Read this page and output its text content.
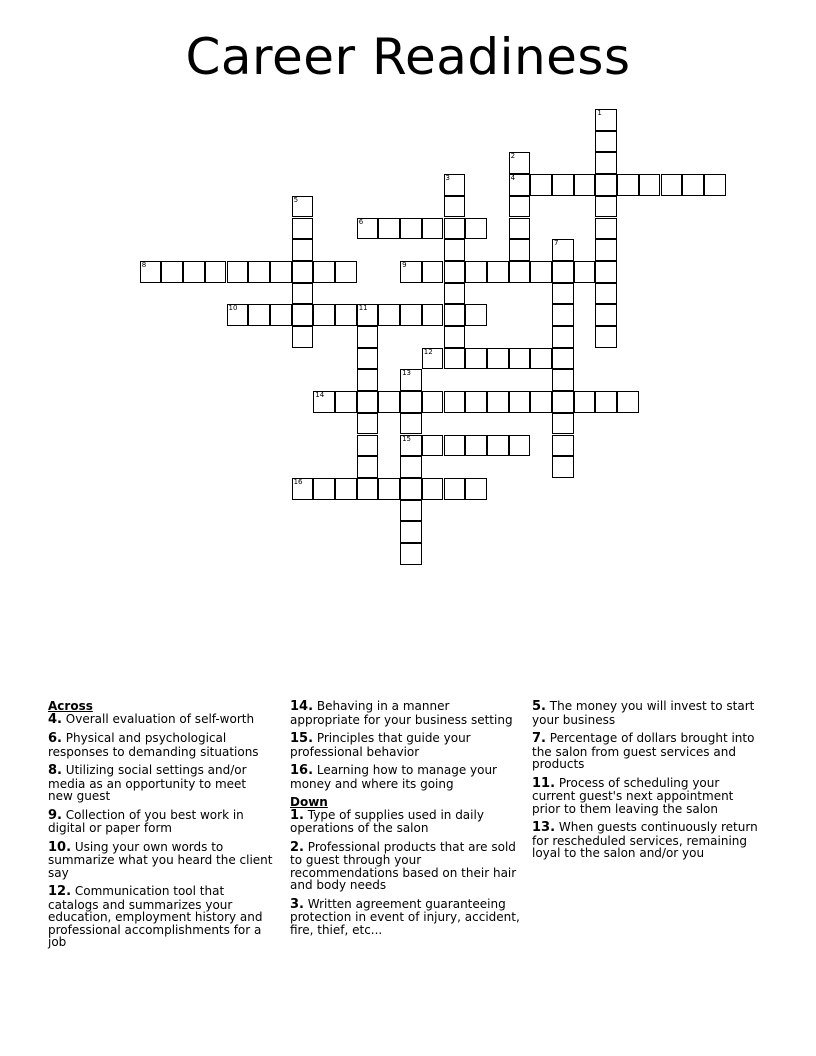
Career Readiness
1
2
4
3
5
6
7
8	9
10	11
12
13
15
14
16

Across

4. Overall evaluation of self-worth

6. Physical and psychological responses to demanding situations

8. Utilizing social settings and/or media as an opportunity to meet new guest

9. Collection of you best work in digital or paper form

10. Using your own words to summarize what you heard the client say

12. Communication tool that catalogs and summarizes your education, employment history and professional accomplishments for a job

14. Behaving in a manner appropriate for your business setting

15. Principles that guide your professional behavior

16. Learning how to manage your money and where its going

Down

1. Type of supplies used in daily operations of the salon

2. Professional products that are sold to guest through your recommendations based on their hair and body needs

3. Written agreement guaranteeing protection in event of injury, accident, fire, thief, etc...

5. The money you will invest to start your business

7. Percentage of dollars brought into the salon from guest services and products

11. Process of scheduling your current guest's next appointment prior to them leaving the salon

13. When guests continuously return for rescheduled services, remaining loyal to the salon and/or you
